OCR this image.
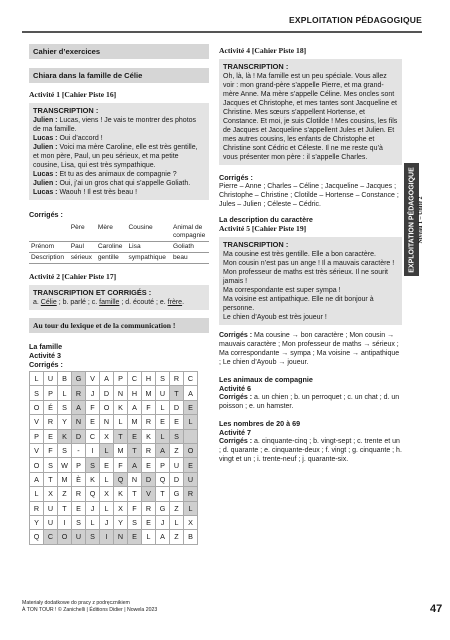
EXPLOITATION PÉDAGOGIQUE
Cahier d’exercices
Chiara dans la famille de Célie
Activité 1 [Cahier Piste 16]
TRANSCRIPTION :
Julien : Lucas, viens ! Je vais te montrer des photos de ma famille.
Lucas : Oui d’accord !
Julien : Voici ma mère Caroline, elle est très gentille, et mon père, Paul, un peu sérieux, et ma petite cousine, Lisa, qui est très sympathique.
Lucas : Et tu as des animaux de compagnie ?
Julien : Oui, j’ai un gros chat qui s’appelle Goliath.
Lucas : Waouh ! Il est très beau !
Corrigés :
	Père	Mère	Cousine	Animal de compagnie
Prénom	Paul	Caroline	Lisa	Goliath
Description	sérieux	gentille	sympathique	beau
Activité 2 [Cahier Piste 17]
TRANSCRIPTION ET CORRIGÉS :
a. Célie ; b. parlé ; c. famille ; d. écouté ; e. frère.
Au tour du lexique et de la communication !
La famille
Activité 3
Corrigés :
L	U	B	G	V	A	P	C	H	S	R	C
S	P	L	R	J	D	N	H	M	U	T	A
O	É	S	A	F	O	K	A	F	L	D	E
V	R	Y	N	E	N	L	M	R	E	E	L
P	E	K	D	C	X	T	E	K	L	S	
V	F	S	-	I	L	M	T	R	A	Z	O
O	S	W	P	S	E	F	A	E	P	U	E
A	T	M	È	K	L	Q	N	D	Q	D	U
L	X	Z	R	Q	X	K	T	V	T	G	R
R	U	T	E	J	L	X	F	R	G	Z	L
Y	U	I	S	L	J	Y	S	E	J	L	X
Q	C	O	U	S	I	N	E	L	A	Z	B
Activité 4 [Cahier Piste 18]
TRANSCRIPTION :
Oh, là, là ! Ma famille est un peu spéciale. Vous allez voir : mon grand-père s’appelle Pierre, et ma grand-mère Anne. Ma mère s’appelle Céline. Mes oncles sont Jacques et Christophe, et mes tantes sont Jacqueline et Christine. Mes sœurs s’appellent Hortense, et Constance. Et moi, je suis Clotilde ! Mes cousins, les fils de Jacques et Jacqueline s’appellent Jules et Julien. Et mes autres cousins, les enfants de Christophe et Christine sont Cédric et Céleste. Il ne me reste qu’à vous présenter mon père : il s’appelle Charles.
Corrigés :
Pierre – Anne ; Charles – Céline ; Jacqueline – Jacques ; Christophe – Christine ; Clotilde – Hortense – Constance ; Jules – Julien ; Céleste – Cédric.
La description du caractère
Activité 5 [Cahier Piste 19]
TRANSCRIPTION :
Ma cousine est très gentille. Elle a bon caractère.
Mon cousin n’est pas un ange ! Il a mauvais caractère !
Mon professeur de maths est très sérieux. Il ne sourit jamais !
Ma correspondante est super sympa !
Ma voisine est antipathique. Elle ne dit bonjour à personne.
Le chien d’Ayoub est très joueur !
Corrigés : Ma cousine → bon caractère ; Mon cousin → mauvais caractère ; Mon professeur de maths → sérieux ; Ma correspondante → sympa ; Ma voisine → antipathique ; Le chien d’Ayoub → joueur.
Les animaux de compagnie
Activité 6
Corrigés : a. un chien ; b. un perroquet ; c. un chat ; d. un poisson ; e. un hamster.
Les nombres de 20 à 69
Activité 7
Corrigés : a. cinquante-cinq ; b. vingt-sept ; c. trente et un ; d. quarante ; e. cinquante-deux ; f. vingt ; g. cinquante ; h. vingt et un ; i. trente-neuf ; j. quarante-six.
EXPLOITATION PÉDAGOGIQUE Niveau 1 – Unité 2
Materiały dodatkowe do pracy z podręcznikiem
À TON TOUR ! © Zanichelli | Éditions Didier | Nowela 2023	47
